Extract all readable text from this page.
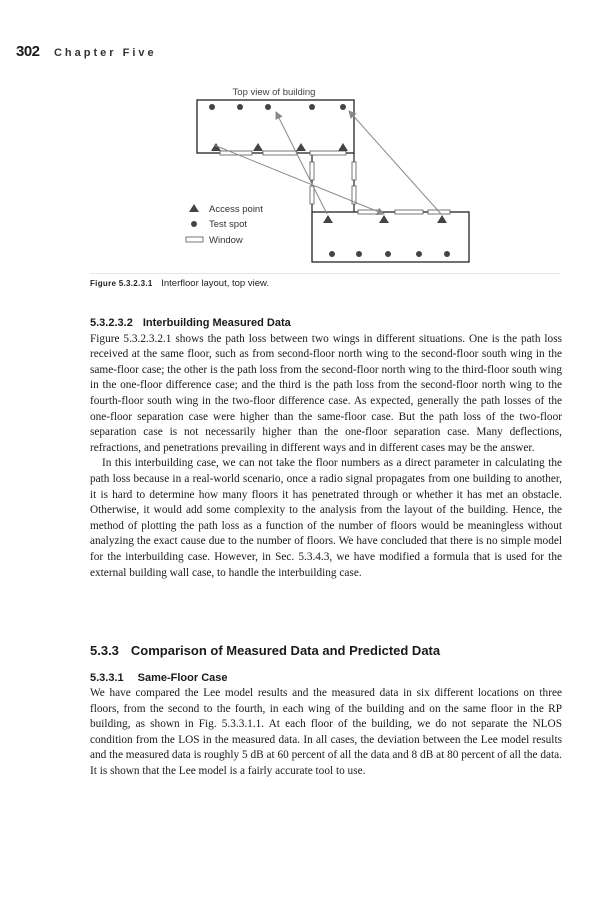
302 Chapter Five
Top view of building
Access point
Test spot
Window
Figure 5.3.2.3.1 Interfloor layout, top view.

5.3.2.3.2 Interbuilding Measured Data

Figure 5.3.2.3.2.1 shows the path loss between two wings in different situations. One is the path loss received at the same floor, such as from second-floor north wing to the second-floor south wing in the same-floor case; the other is the path loss from the second-floor north wing to the third-floor south wing in the one-floor difference case; and the third is the path loss from the second-floor north wing to the fourth-floor south wing in the two-floor difference case. As expected, generally the path losses of the one-floor separation case were higher than the same-floor case. But the path loss of the two-floor separation case is not necessarily higher than the one-floor separation case. Many deflections, refractions, and penetrations prevailing in different ways and in different cases may be the answer.

In this interbuilding case, we can not take the floor numbers as a direct parameter in calculating the path loss because in a real-world scenario, once a radio signal propagates from one building to another, it is hard to determine how many floors it has penetrated through or whether it has met an obstacle. Otherwise, it would add some complexity to the analysis from the layout of the building. Hence, the method of plotting the path loss as a function of the number of floors would be meaningless without analyzing the exact cause due to the number of floors. We have concluded that there is no simple model for the interbuilding case. However, in Sec. 5.3.4.3, we have modified a formula that is used for the external building wall case, to handle the interbuilding case.

5.3.3 Comparison of Measured Data and Predicted Data
5.3.3.1 Same-Floor Case

We have compared the Lee model results and the measured data in six different locations on three floors, from the second to the fourth, in each wing of the building and on the same floor in the RP building, as shown in Fig. 5.3.3.1.1. At each floor of the building, we do not separate the NLOS condition from the LOS in the measured data. In all cases, the deviation between the Lee model results and the measured data is roughly 5 dB at 60 percent of all the data and 8 dB at 80 percent of all the data. It is shown that the Lee model is a fairly accurate tool to use.
